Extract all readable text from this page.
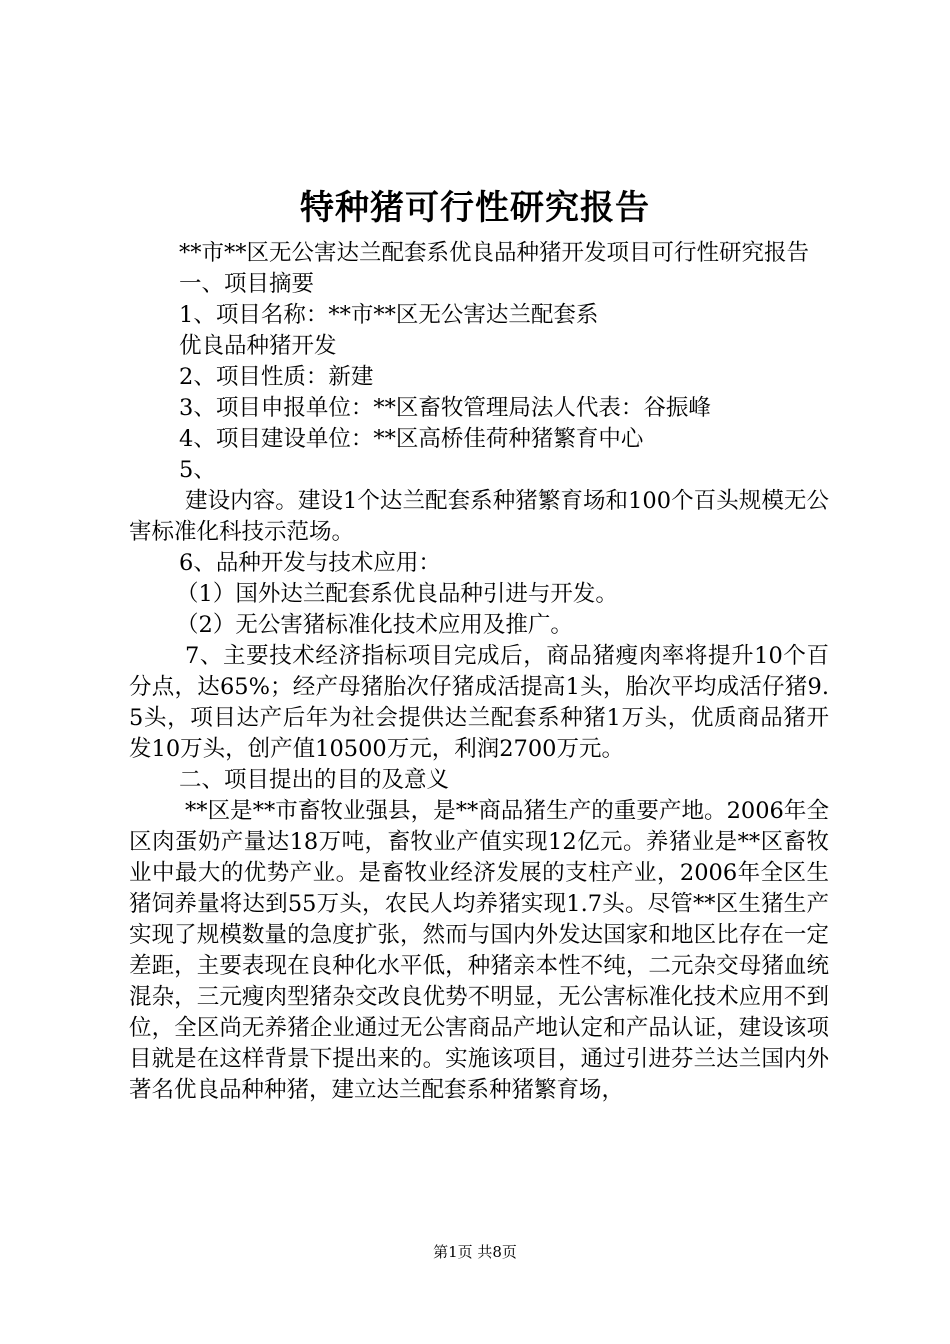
特种猪可行性研究报告

**市**区无公害达兰配套系优良品种猪开发项目可行性研究报告

一、项目摘要

1、项目名称：**市**区无公害达兰配套系

优良品种猪开发

2、项目性质：新建

3、项目申报单位：**区畜牧管理局法人代表：谷振峰

4、项目建设单位：**区高桥佳荷种猪繁育中心

5、

建设内容。建设1个达兰配套系种猪繁育场和100个百头规模无公害标准化科技示范场。

6、品种开发与技术应用：

（1）国外达兰配套系优良品种引进与开发。

（2）无公害猪标准化技术应用及推广。

7、主要技术经济指标项目完成后，商品猪瘦肉率将提升10个百分点，达65%；经产母猪胎次仔猪成活提高1头，胎次平均成活仔猪9.5头，项目达产后年为社会提供达兰配套系种猪1万头，优质商品猪开发10万头，创产值10500万元，利润2700万元。

二、项目提出的目的及意义

**区是**市畜牧业强县，是**商品猪生产的重要产地。2006年全区肉蛋奶产量达18万吨，畜牧业产值实现12亿元。养猪业是**区畜牧业中最大的优势产业。是畜牧业经济发展的支柱产业，2006年全区生猪饲养量将达到55万头，农民人均养猪实现1.7头。尽管**区生猪生产实现了规模数量的急度扩张，然而与国内外发达国家和地区比存在一定差距，主要表现在良种化水平低，种猪亲本性不纯，二元杂交母猪血统混杂，三元瘦肉型猪杂交改良优势不明显，无公害标准化技术应用不到位，全区尚无养猪企业通过无公害商品产地认定和产品认证，建设该项目就是在这样背景下提出来的。实施该项目，通过引进芬兰达兰国内外著名优良品种种猪，建立达兰配套系种猪繁育场，

第1页 共8页
